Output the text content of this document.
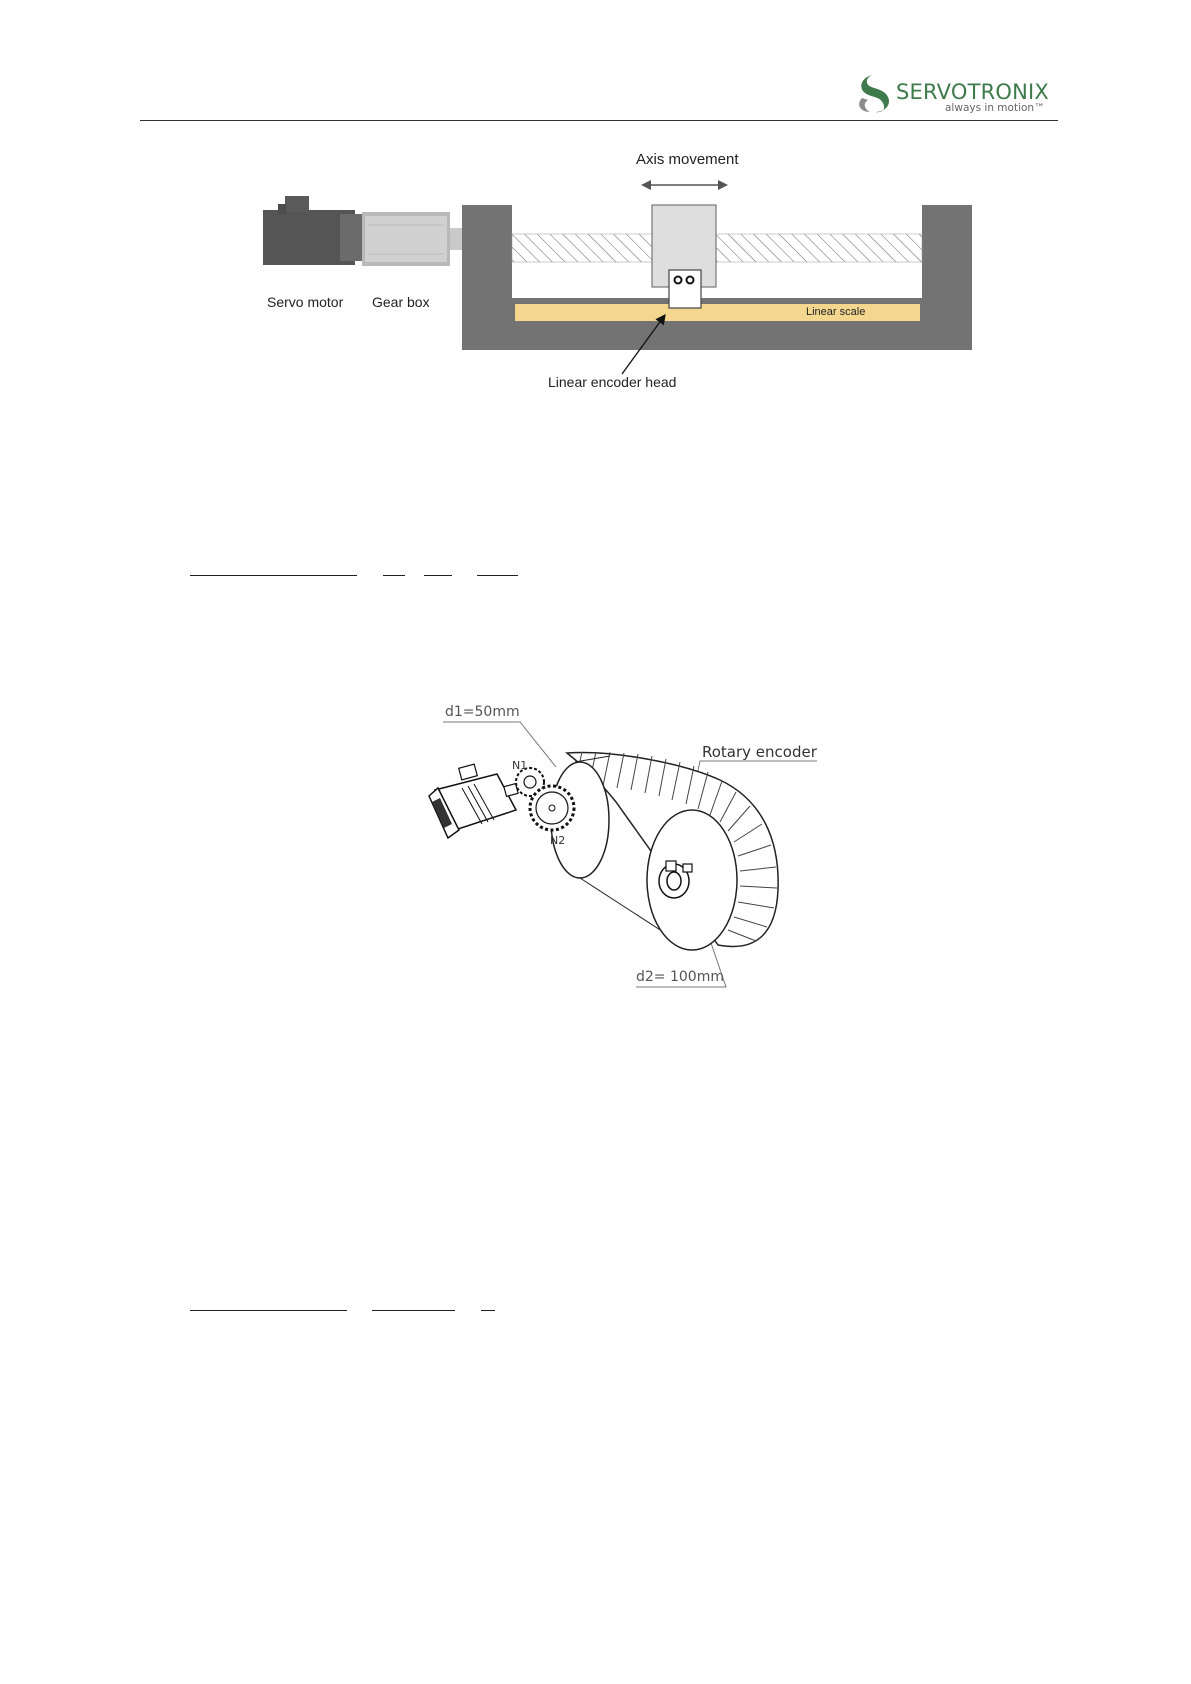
SERVOTRONIX
always in motion™
Axis movement
Servo motor Gear box
Linear scale
Linear encoder head
d1=50mm
Rotary encoder
N1
N2
d2= 100mm
